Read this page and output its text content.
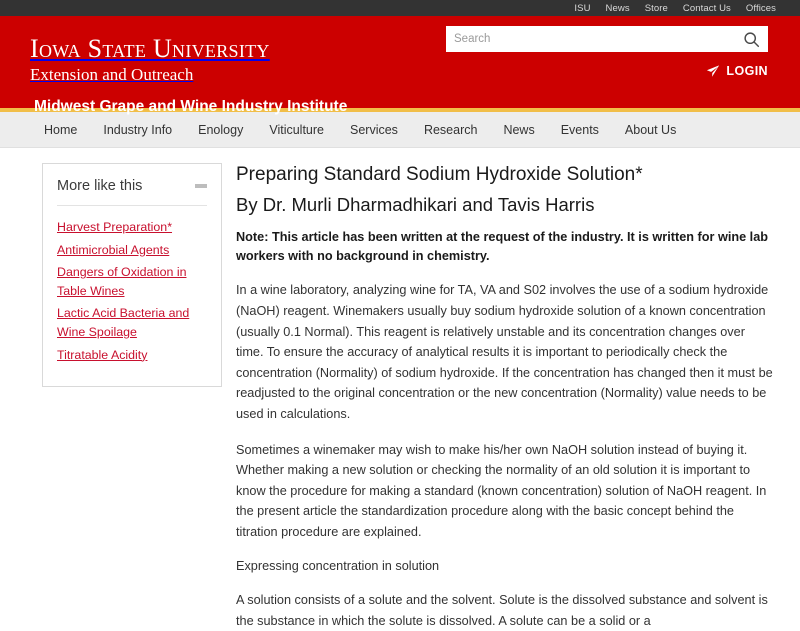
ISU News Store Contact Us Offices
Iowa State University
Extension and Outreach
Midwest Grape and Wine Industry Institute
Search
LOGIN
Home Industry Info Enology Viticulture Services Research News Events About Us
More like this
Harvest Preparation*
Antimicrobial Agents
Dangers of Oxidation in Table Wines
Lactic Acid Bacteria and Wine Spoilage
Titratable Acidity
Preparing Standard Sodium Hydroxide Solution*
By Dr. Murli Dharmadhikari and Tavis Harris

Note: This article has been written at the request of the industry. It is written for wine lab workers with no background in chemistry.

In a wine laboratory, analyzing wine for TA, VA and S02 involves the use of a sodium hydroxide (NaOH) reagent. Winemakers usually buy sodium hydroxide solution of a known concentration (usually 0.1 Normal). This reagent is relatively unstable and its concentration changes over time. To ensure the accuracy of analytical results it is important to periodically check the concentration (Normality) of sodium hydroxide. If the concentration has changed then it must be readjusted to the original concentration or the new concentration (Normality) value needs to be used in calculations.

Sometimes a winemaker may wish to make his/her own NaOH solution instead of buying it. Whether making a new solution or checking the normality of an old solution it is important to know the procedure for making a standard (known concentration) solution of NaOH reagent. In the present article the standardization procedure along with the basic concept behind the titration procedure are explained.

Expressing concentration in solution

A solution consists of a solute and the solvent. Solute is the dissolved substance and solvent is the substance in which the solute is dissolved. A solute can be a solid or a
